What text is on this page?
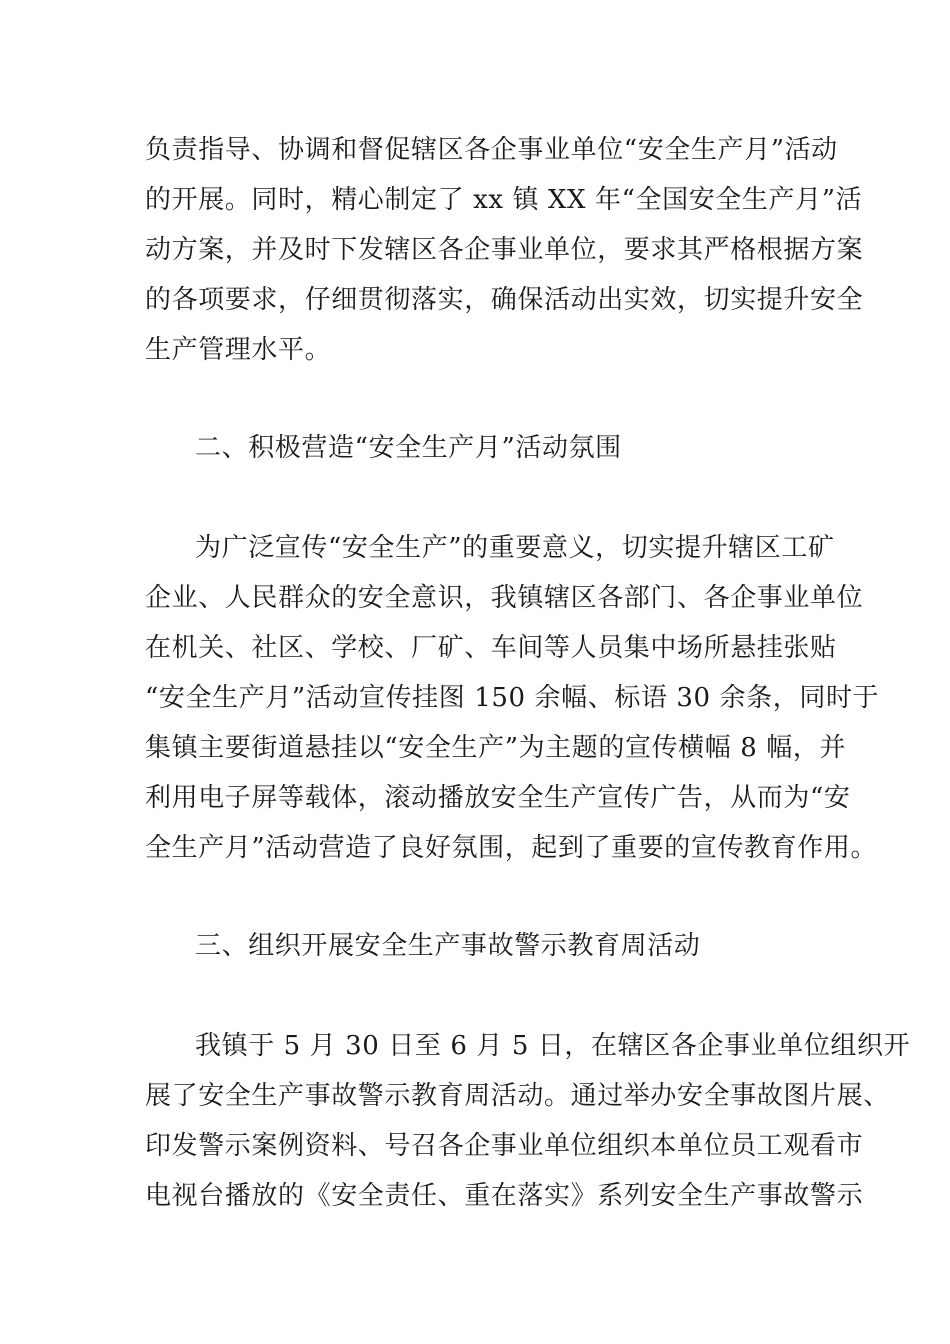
负责指导、协调和督促辖区各企事业单位“安全生产月”活动
的开展。同时，精心制定了 xx 镇 XX 年“全国安全生产月”活
动方案，并及时下发辖区各企事业单位，要求其严格根据方案
的各项要求，仔细贯彻落实，确保活动出实效，切实提升安全
生产管理水平。
二、积极营造“安全生产月”活动氛围
为广泛宣传“安全生产”的重要意义，切实提升辖区工矿
企业、人民群众的安全意识，我镇辖区各部门、各企事业单位
在机关、社区、学校、厂矿、车间等人员集中场所悬挂张贴
“安全生产月”活动宣传挂图 150 余幅、标语 30 余条，同时于
集镇主要街道悬挂以“安全生产”为主题的宣传横幅 8 幅，并
利用电子屏等载体，滚动播放安全生产宣传广告，从而为“安
全生产月”活动营造了良好氛围，起到了重要的宣传教育作用。
三、组织开展安全生产事故警示教育周活动
我镇于 5 月 30 日至 6 月 5 日，在辖区各企事业单位组织开
展了安全生产事故警示教育周活动。通过举办安全事故图片展、
印发警示案例资料、号召各企事业单位组织本单位员工观看市
电视台播放的《安全责任、重在落实》系列安全生产事故警示
